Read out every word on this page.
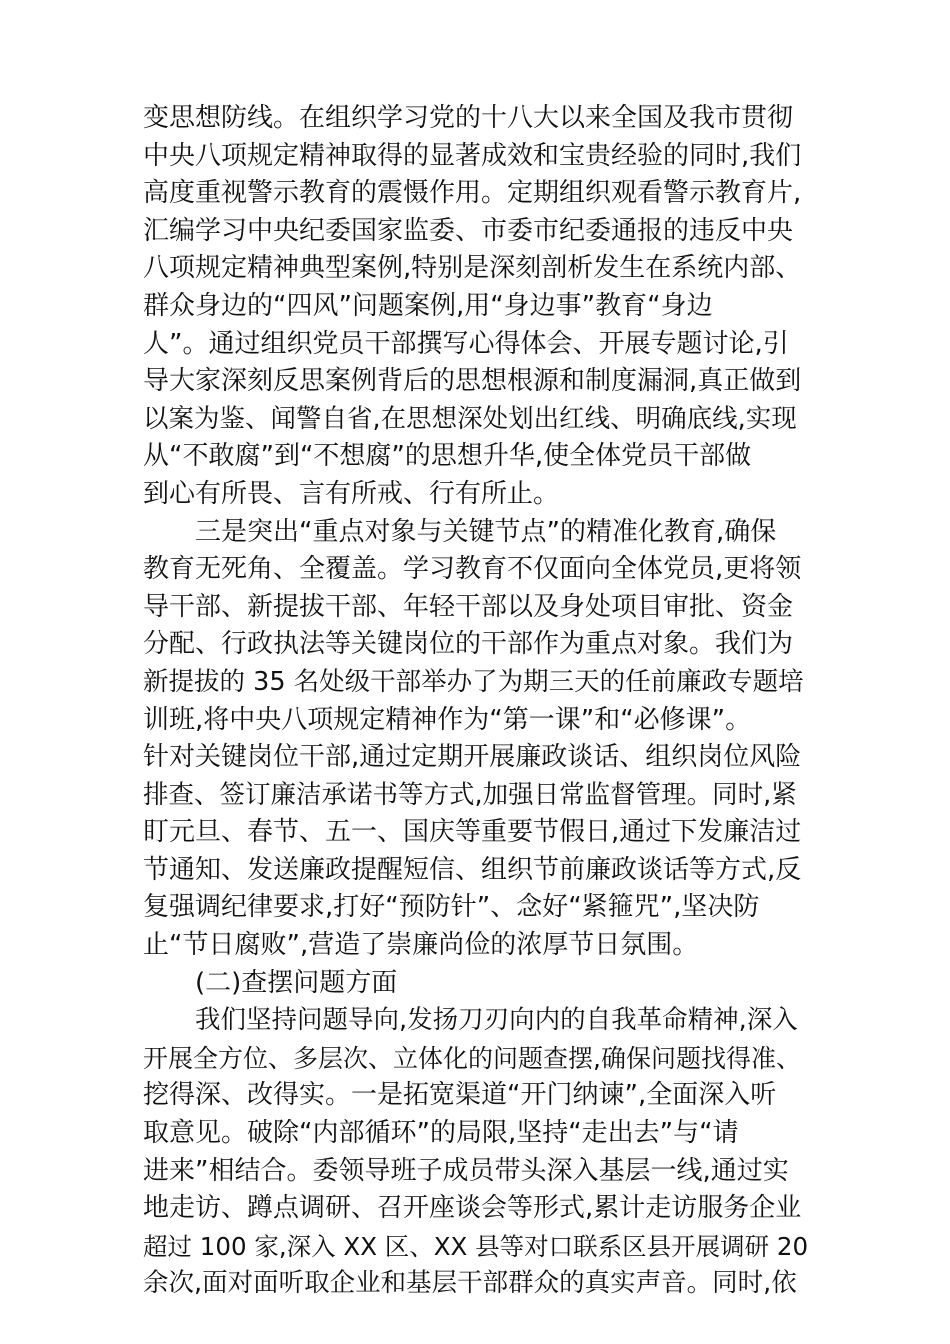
变思想防线。在组织学习党的十八大以来全国及我市贯彻
中央八项规定精神取得的显著成效和宝贵经验的同时,我们
高度重视警示教育的震慑作用。定期组织观看警示教育片,
汇编学习中央纪委国家监委、市委市纪委通报的违反中央
八项规定精神典型案例,特别是深刻剖析发生在系统内部、
群众身边的“四风”问题案例,用“身边事”教育“身边
人”。通过组织党员干部撰写心得体会、开展专题讨论,引
导大家深刻反思案例背后的思想根源和制度漏洞,真正做到
以案为鉴、闻警自省,在思想深处划出红线、明确底线,实现
从“不敢腐”到“不想腐”的思想升华,使全体党员干部做
到心有所畏、言有所戒、行有所止。
三是突出“重点对象与关键节点”的精准化教育,确保
教育无死角、全覆盖。学习教育不仅面向全体党员,更将领
导干部、新提拔干部、年轻干部以及身处项目审批、资金
分配、行政执法等关键岗位的干部作为重点对象。我们为
新提拔的 35 名处级干部举办了为期三天的任前廉政专题培
训班,将中央八项规定精神作为“第一课”和“必修课”。
针对关键岗位干部,通过定期开展廉政谈话、组织岗位风险
排查、签订廉洁承诺书等方式,加强日常监督管理。同时,紧
盯元旦、春节、五一、国庆等重要节假日,通过下发廉洁过
节通知、发送廉政提醒短信、组织节前廉政谈话等方式,反
复强调纪律要求,打好“预防针”、念好“紧箍咒”,坚决防
止“节日腐败”,营造了崇廉尚俭的浓厚节日氛围。
(二)查摆问题方面
我们坚持问题导向,发扬刀刃向内的自我革命精神,深入
开展全方位、多层次、立体化的问题查摆,确保问题找得准、
挖得深、改得实。一是拓宽渠道“开门纳谏”,全面深入听
取意见。破除“内部循环”的局限,坚持“走出去”与“请
进来”相结合。委领导班子成员带头深入基层一线,通过实
地走访、蹲点调研、召开座谈会等形式,累计走访服务企业
超过 100 家,深入 XX 区、XX 县等对口联系区县开展调研 20
余次,面对面听取企业和基层干部群众的真实声音。同时,依
